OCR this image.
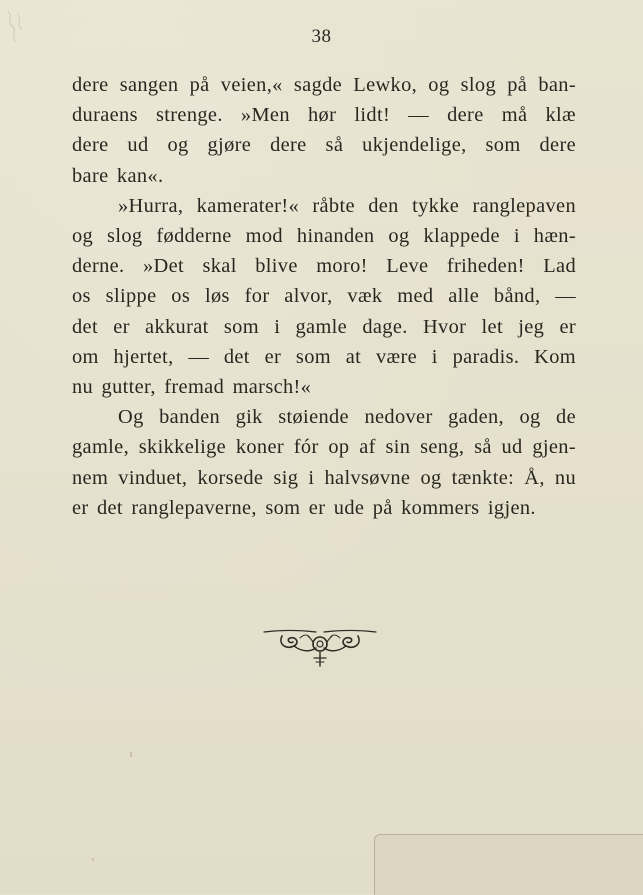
38
dere sangen på veien,« sagde Lewko, og slog på ban-
duraens strenge. »Men hør lidt! — dere må klæ
dere ud og gjøre dere så ukjendelige, som dere
bare kan«.
»Hurra, kamerater!« råbte den tykke ranglepaven
og slog fødderne mod hinanden og klappede i hæn-
derne. »Det skal blive moro! Leve friheden! Lad
os slippe os løs for alvor, væk med alle bånd, —
det er akkurat som i gamle dage. Hvor let jeg er
om hjertet, — det er som at være i paradis. Kom
nu gutter, fremad marsch!«
Og banden gik støiende nedover gaden, og de
gamle, skikkelige koner fór op af sin seng, så ud gjen-
nem vinduet, korsede sig i halvsøvne og tænkte: Å, nu
er det ranglepaverne, som er ude på kommers igjen.
